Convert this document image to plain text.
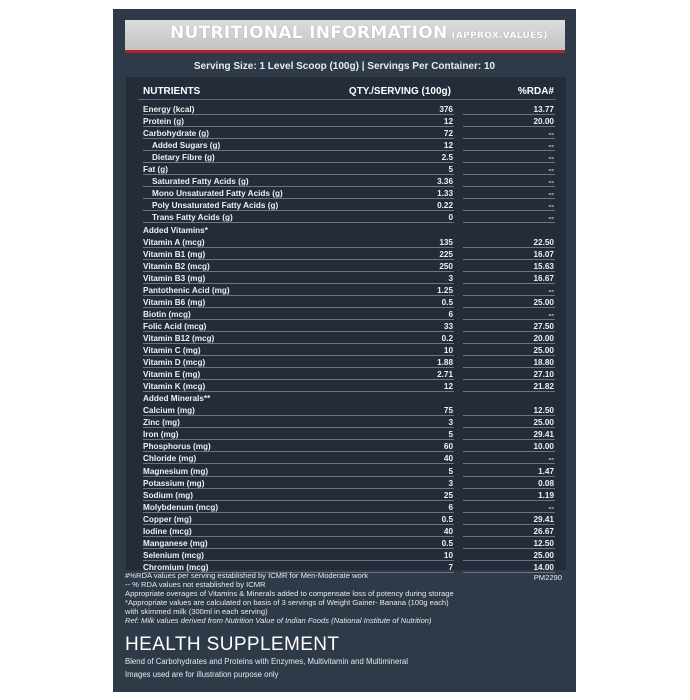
NUTRITIONAL INFORMATION (APPROX.VALUES)
Serving Size: 1 Level Scoop (100g) | Servings Per Container: 10
NUTRIENTS	QTY./SERVING (100g)	%RDA#
Energy (kcal)	376	13.77
Protein (g)	12	20.00
Carbohydrate (g)	72	--
Added Sugars (g)	12	--
Dietary Fibre (g)	2.5	--
Fat (g)	5	--
Saturated Fatty Acids (g)	3.36	--
Mono Unsaturated Fatty Acids (g)	1.33	--
Poly Unsaturated Fatty Acids (g)	0.22	--
Trans Fatty Acids (g)	0	--
Added Vitamins*
Vitamin A (mcg)	135	22.50
Vitamin B1 (mg)	225	16.07
Vitamin B2 (mcg)	250	15.63
Vitamin B3 (mg)	3	16.67
Pantothenic Acid (mg)	1.25	--
Vitamin B6 (mg)	0.5	25.00
Biotin (mcg)	6	--
Folic Acid (mcg)	33	27.50
Vitamin B12 (mcg)	0.2	20.00
Vitamin C (mg)	10	25.00
Vitamin D (mcg)	1.88	18.80
Vitamin E (mg)	2.71	27.10
Vitamin K (mcg)	12	21.82
Added Minerals**
Calcium (mg)	75	12.50
Zinc (mg)	3	25.00
Iron (mg)	5	29.41
Phosphorus (mg)	60	10.00
Chloride (mg)	40	--
Magnesium (mg)	5	1.47
Potassium (mg)	3	0.08
Sodium (mg)	25	1.19
Molybdenum (mcg)	6	--
Copper (mg)	0.5	29.41
Iodine (mcg)	40	26.67
Manganese (mg)	0.5	12.50
Selenium (mcg)	10	25.00
Chromium (mcg)	7	14.00
#%RDA values per serving established by ICMR for Men-Moderate work
-- % RDA values not established by ICMR
Appropriate overages of Vitamins & Minerals added to compensate loss of potency during storage
*Appropriate values are calculated on basis of 3 servings of Weight Gainer- Banana (100g each)
with skimmed milk (300ml in each serving)
Ref: Milk values derived from Nutrition Value of Indian Foods (National Institute of Nutrition)
PM2290
HEALTH SUPPLEMENT
Blend of Carbohydrates and Proteins with Enzymes, Multivitamin and Multimineral
Images used are for illustration purpose only
